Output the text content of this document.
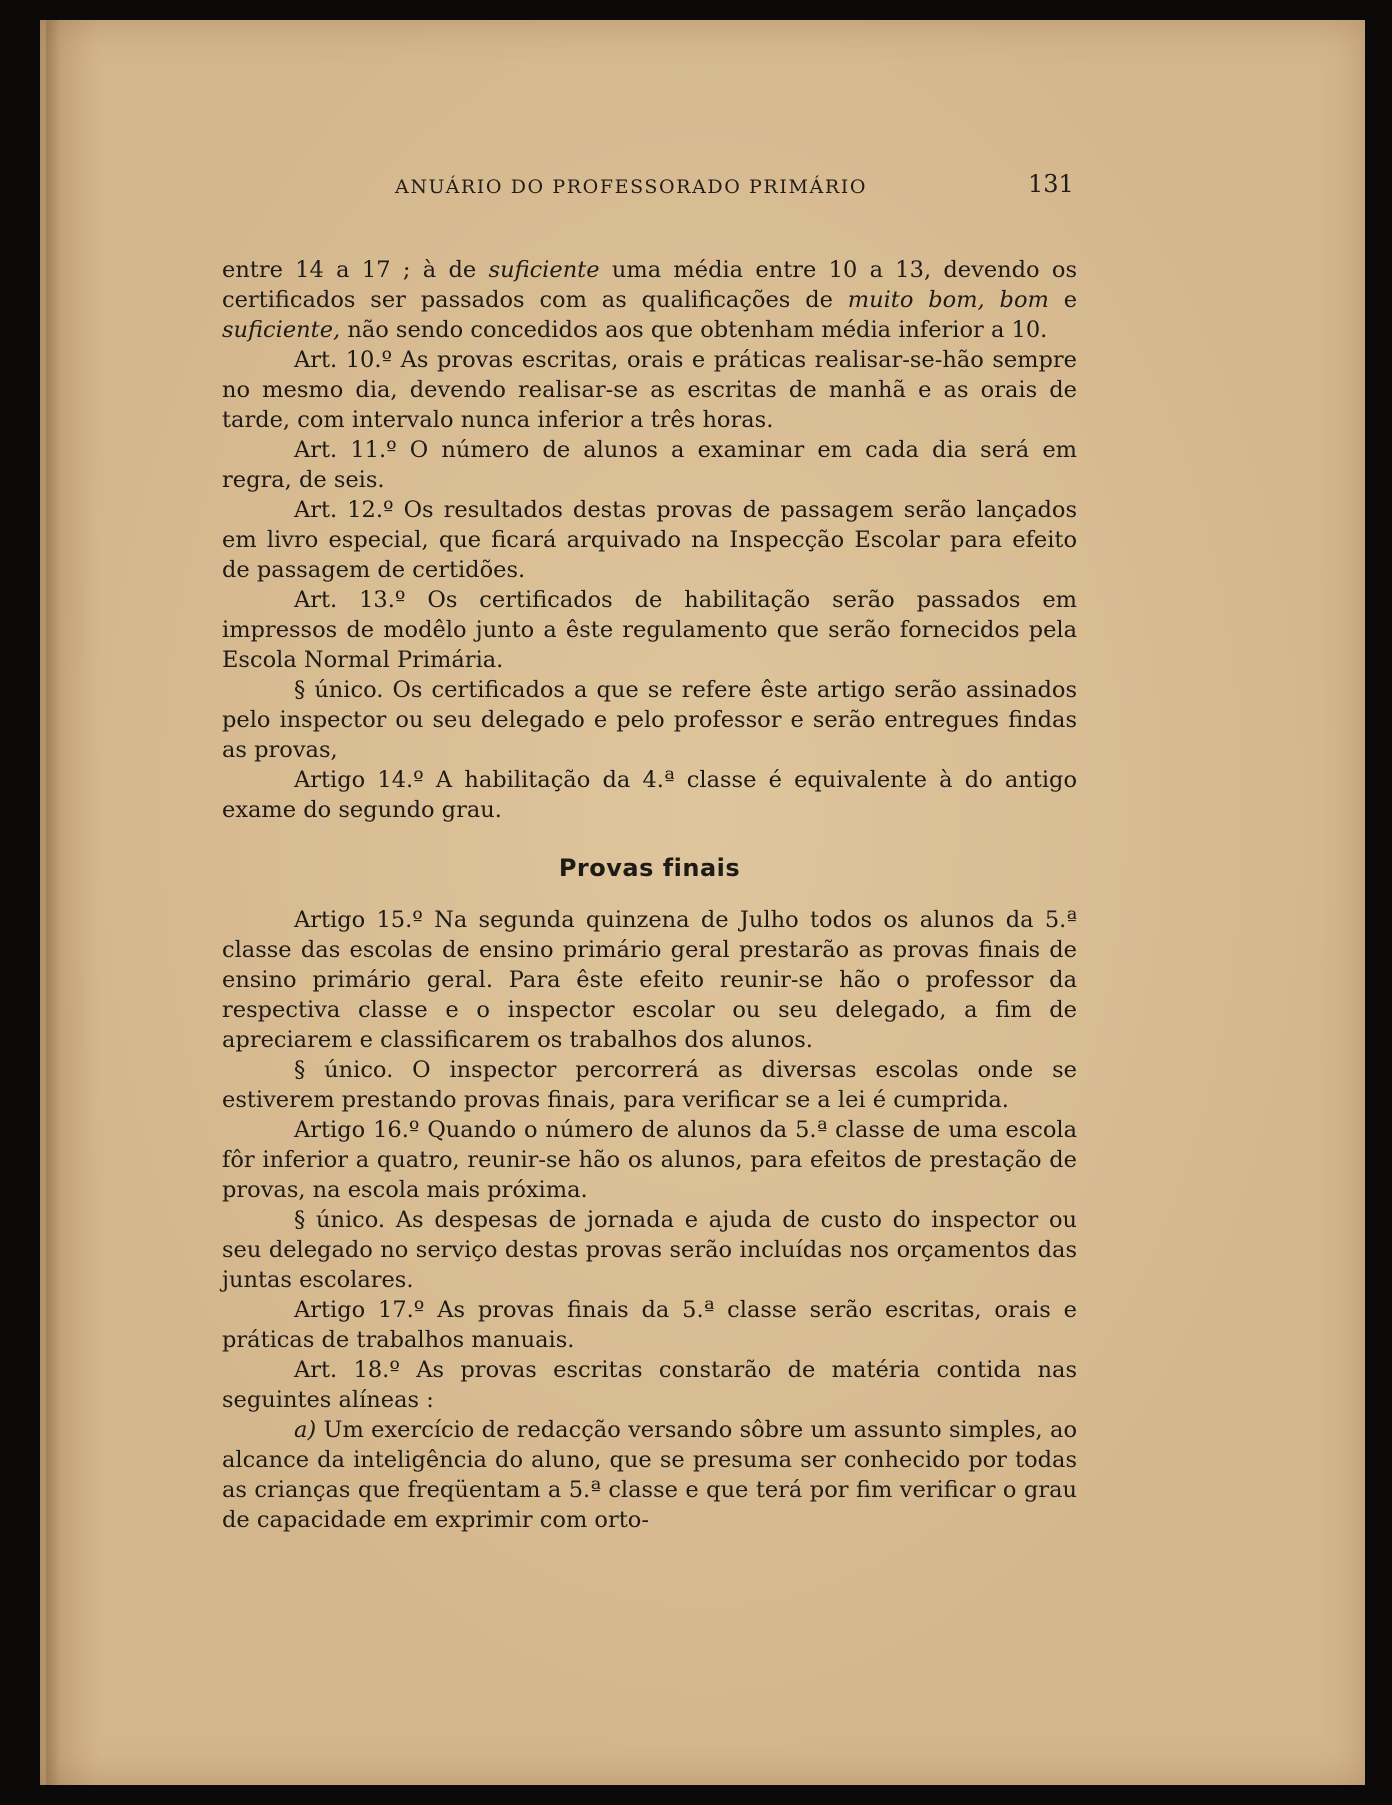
ANUÁRIO DO PROFESSORADO PRIMÁRIO	131

entre 14 a 17 ; à de suficiente uma média entre 10 a 13, devendo os certificados ser passados com as qualificações de muito bom, bom e suficiente, não sendo concedidos aos que obtenham média inferior a 10.

Art. 10.º As provas escritas, orais e práticas realisar-se-hão sempre no mesmo dia, devendo realisar-se as escritas de manhã e as orais de tarde, com intervalo nunca inferior a três horas.

Art. 11.º O número de alunos a examinar em cada dia será em regra, de seis.

Art. 12.º Os resultados destas provas de passagem serão lançados em livro especial, que ficará arquivado na Inspecção Escolar para efeito de passagem de certidões.

Art. 13.º Os certificados de habilitação serão passados em impressos de modêlo junto a êste regulamento que serão fornecidos pela Escola Normal Primária.

§ único. Os certificados a que se refere êste artigo serão assinados pelo inspector ou seu delegado e pelo professor e serão entregues findas as provas,

Artigo 14.º A habilitação da 4.ª classe é equivalente à do antigo exame do segundo grau.

Provas finais

Artigo 15.º Na segunda quinzena de Julho todos os alunos da 5.ª classe das escolas de ensino primário geral prestarão as provas finais de ensino primário geral. Para êste efeito reunir-se hão o professor da respectiva classe e o inspector escolar ou seu delegado, a fim de apreciarem e classificarem os trabalhos dos alunos.

§ único. O inspector percorrerá as diversas escolas onde se estiverem prestando provas finais, para verificar se a lei é cumprida.

Artigo 16.º Quando o número de alunos da 5.ª classe de uma escola fôr inferior a quatro, reunir-se hão os alunos, para efeitos de prestação de provas, na escola mais próxima.

§ único. As despesas de jornada e ajuda de custo do inspector ou seu delegado no serviço destas provas serão incluídas nos orçamentos das juntas escolares.

Artigo 17.º As provas finais da 5.ª classe serão escritas, orais e práticas de trabalhos manuais.

Art. 18.º As provas escritas constarão de matéria contida nas seguintes alíneas :

a) Um exercício de redacção versando sôbre um assunto simples, ao alcance da inteligência do aluno, que se presuma ser conhecido por todas as crianças que freqüentam a 5.ª classe e que terá por fim verificar o grau de capacidade em exprimir com orto-
